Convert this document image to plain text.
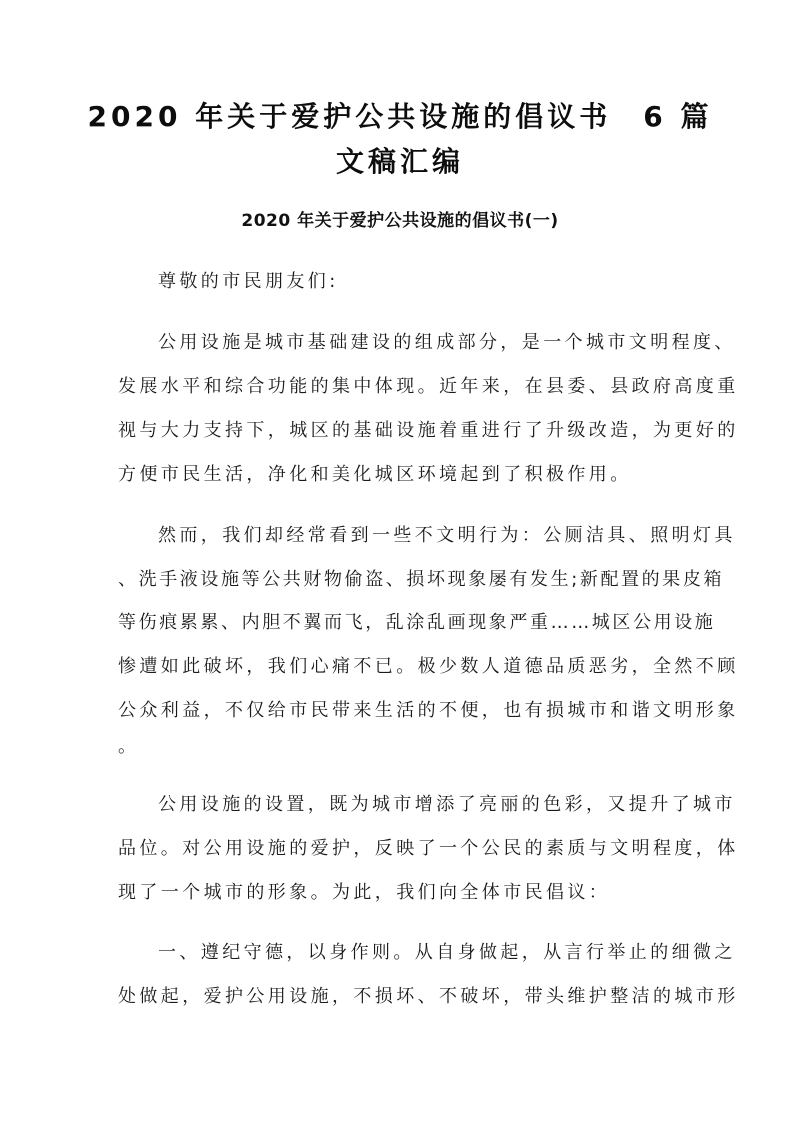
2020 年关于爱护公共设施的倡议书　6 篇
文稿汇编
2020 年关于爱护公共设施的倡议书(一)
尊敬的市民朋友们:
公用设施是城市基础建设的组成部分，是一个城市文明程度、
发展水平和综合功能的集中体现。近年来，在县委、县政府高度重
视与大力支持下，城区的基础设施着重进行了升级改造，为更好的
方便市民生活，净化和美化城区环境起到了积极作用。
然而，我们却经常看到一些不文明行为：公厕洁具、照明灯具
、洗手液设施等公共财物偷盗、损坏现象屡有发生;新配置的果皮箱
等伤痕累累、内胆不翼而飞，乱涂乱画现象严重……城区公用设施
惨遭如此破坏，我们心痛不已。极少数人道德品质恶劣，全然不顾
公众利益，不仅给市民带来生活的不便，也有损城市和谐文明形象
。
公用设施的设置，既为城市增添了亮丽的色彩，又提升了城市
品位。对公用设施的爱护，反映了一个公民的素质与文明程度，体
现了一个城市的形象。为此，我们向全体市民倡议：
一、遵纪守德，以身作则。从自身做起，从言行举止的细微之
处做起，爱护公用设施，不损坏、不破坏，带头维护整洁的城市形
